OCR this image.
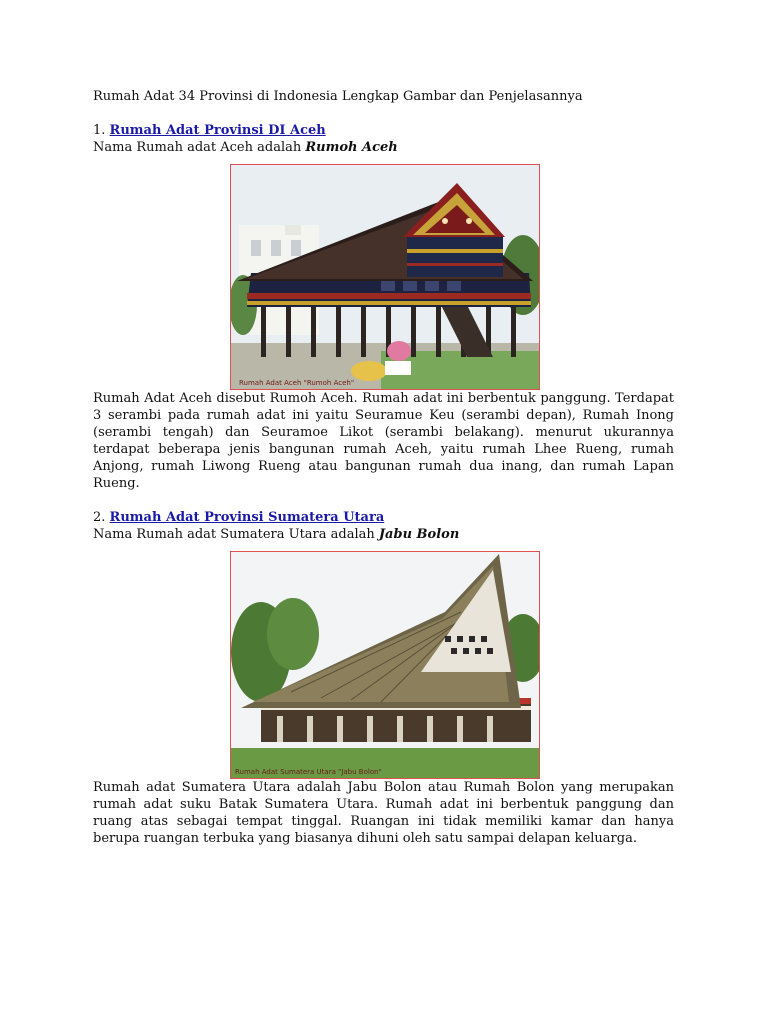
Rumah Adat 34 Provinsi di Indonesia Lengkap Gambar dan Penjelasannya

1. Rumah Adat Provinsi DI Aceh
Nama Rumah adat Aceh adalah Rumoh Aceh
Rumah Adat Aceh "Rumoh Aceh"

Rumah Adat Aceh disebut Rumoh Aceh. Rumah adat ini berbentuk panggung. Terdapat 3 serambi pada rumah adat ini yaitu Seuramue Keu (serambi depan), Rumah Inong (serambi tengah) dan Seuramoe Likot (serambi belakang). menurut ukurannya terdapat beberapa jenis bangunan rumah Aceh, yaitu rumah Lhee Rueng, rumah Anjong, rumah Liwong Rueng atau bangunan rumah dua inang, dan rumah Lapan Rueng.

2. Rumah Adat Provinsi Sumatera Utara
Nama Rumah adat Sumatera Utara adalah Jabu Bolon
Rumah Adat Sumatera Utara "Jabu Bolon"

Rumah adat Sumatera Utara adalah Jabu Bolon atau Rumah Bolon yang merupakan rumah adat suku Batak Sumatera Utara. Rumah adat ini berbentuk panggung dan ruang atas sebagai tempat tinggal. Ruangan ini tidak memiliki kamar dan hanya berupa ruangan terbuka yang biasanya dihuni oleh satu sampai delapan keluarga.
